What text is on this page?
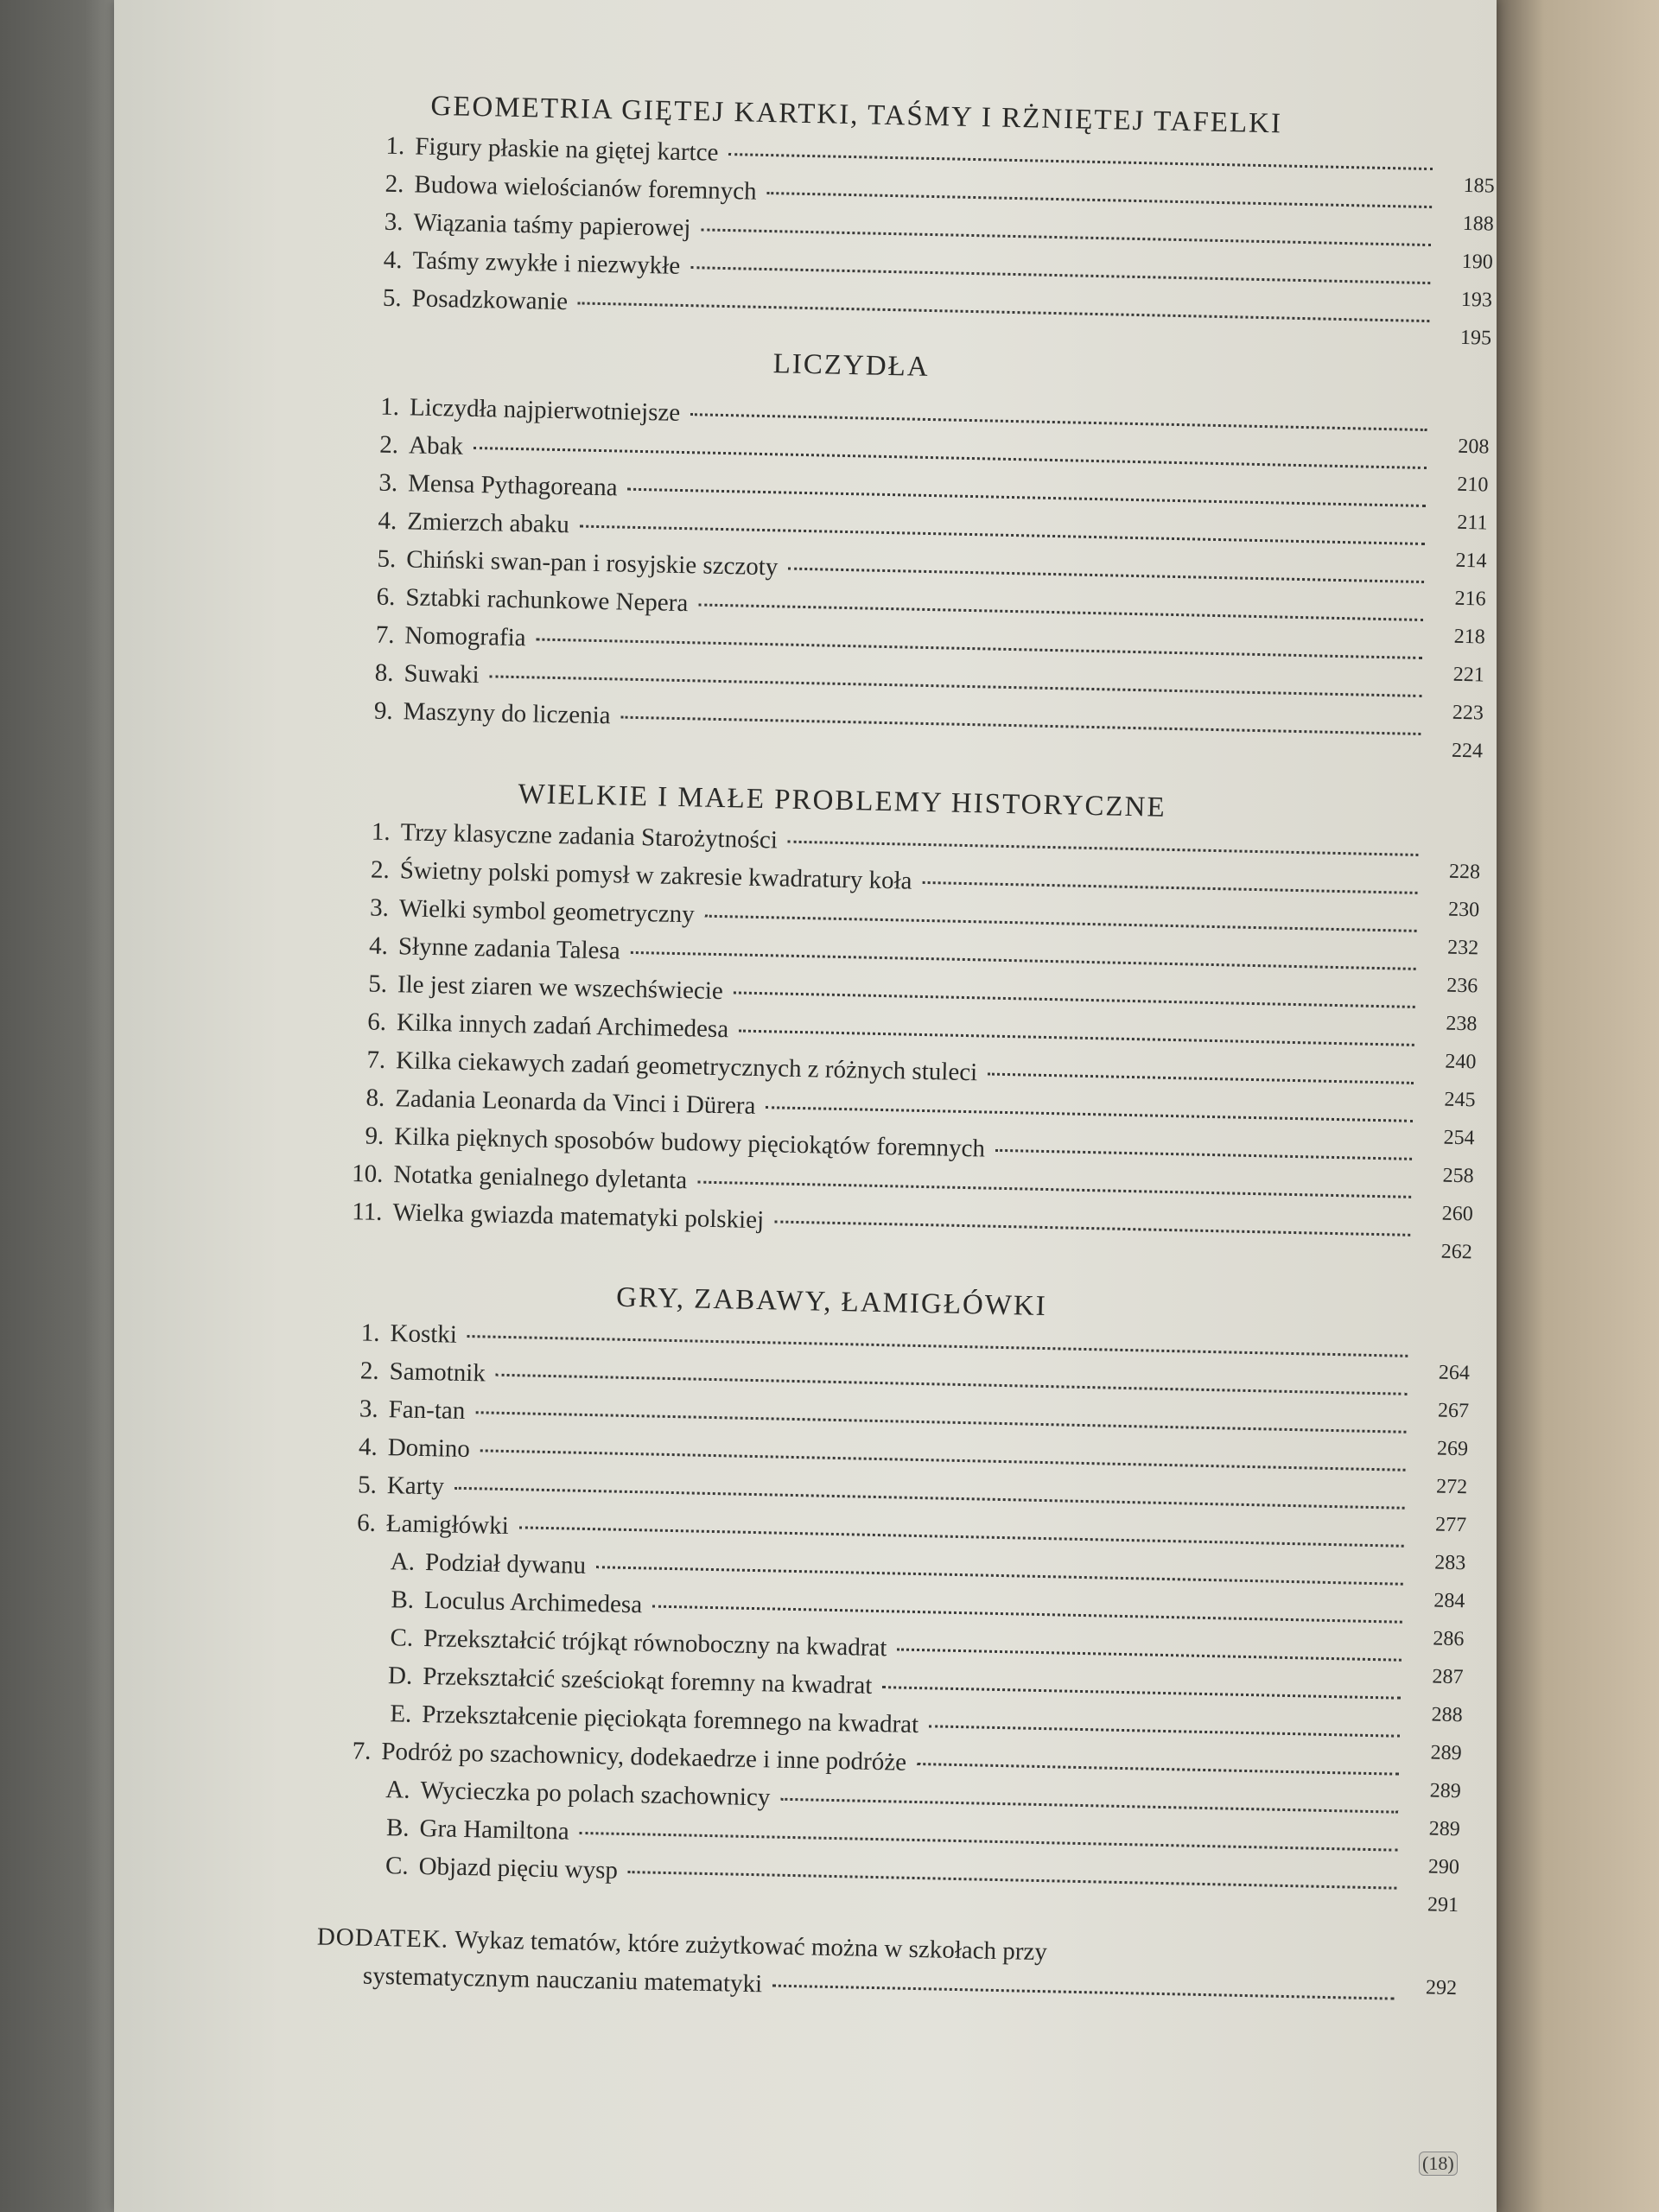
GEOMETRIA GIĘTEJ KARTKI, TAŚMY I RŻNIĘTEJ TAFELKI
1. Figury płaskie na giętej kartce
185
2. Budowa wielościanów foremnych
188
3. Wiązania taśmy papierowej
190
4. Taśmy zwykłe i niezwykłe
193
5. Posadzkowanie
195
LICZYDŁA
1. Liczydła najpierwotniejsze
208
2. Abak
210
3. Mensa Pythagoreana
211
4. Zmierzch abaku
214
5. Chiński swan-pan i rosyjskie szczoty
216
6. Sztabki rachunkowe Nepera
218
7. Nomografia
221
8. Suwaki
223
9. Maszyny do liczenia
224
WIELKIE I MAŁE PROBLEMY HISTORYCZNE
1. Trzy klasyczne zadania Starożytności
228
2. Świetny polski pomysł w zakresie kwadratury koła
230
3. Wielki symbol geometryczny
232
4. Słynne zadania Talesa
236
5. Ile jest ziaren we wszechświecie
238
6. Kilka innych zadań Archimedesa
240
7. Kilka ciekawych zadań geometrycznych z różnych stuleci
245
8. Zadania Leonarda da Vinci i Dürera
254
9. Kilka pięknych sposobów budowy pięciokątów foremnych
258
10. Notatka genialnego dyletanta
260
11. Wielka gwiazda matematyki polskiej
262
GRY, ZABAWY, ŁAMIGŁÓWKI
1. Kostki
264
2. Samotnik
267
3. Fan-tan
269
4. Domino
272
5. Karty
277
6. Łamigłówki
283
A. Podział dywanu
284
B. Loculus Archimedesa
286
C. Przekształcić trójkąt równoboczny na kwadrat
287
D. Przekształcić sześciokąt foremny na kwadrat
288
E. Przekształcenie pięciokąta foremnego na kwadrat
289
7. Podróż po szachownicy, dodekaedrze i inne podróże
289
A. Wycieczka po polach szachownicy
289
B. Gra Hamiltona
290
C. Objazd pięciu wysp
291
DODATEK.
Wykaz tematów, które zużytkować można w szkołach przy
systematycznym nauczaniu matematyki	292
(18)
